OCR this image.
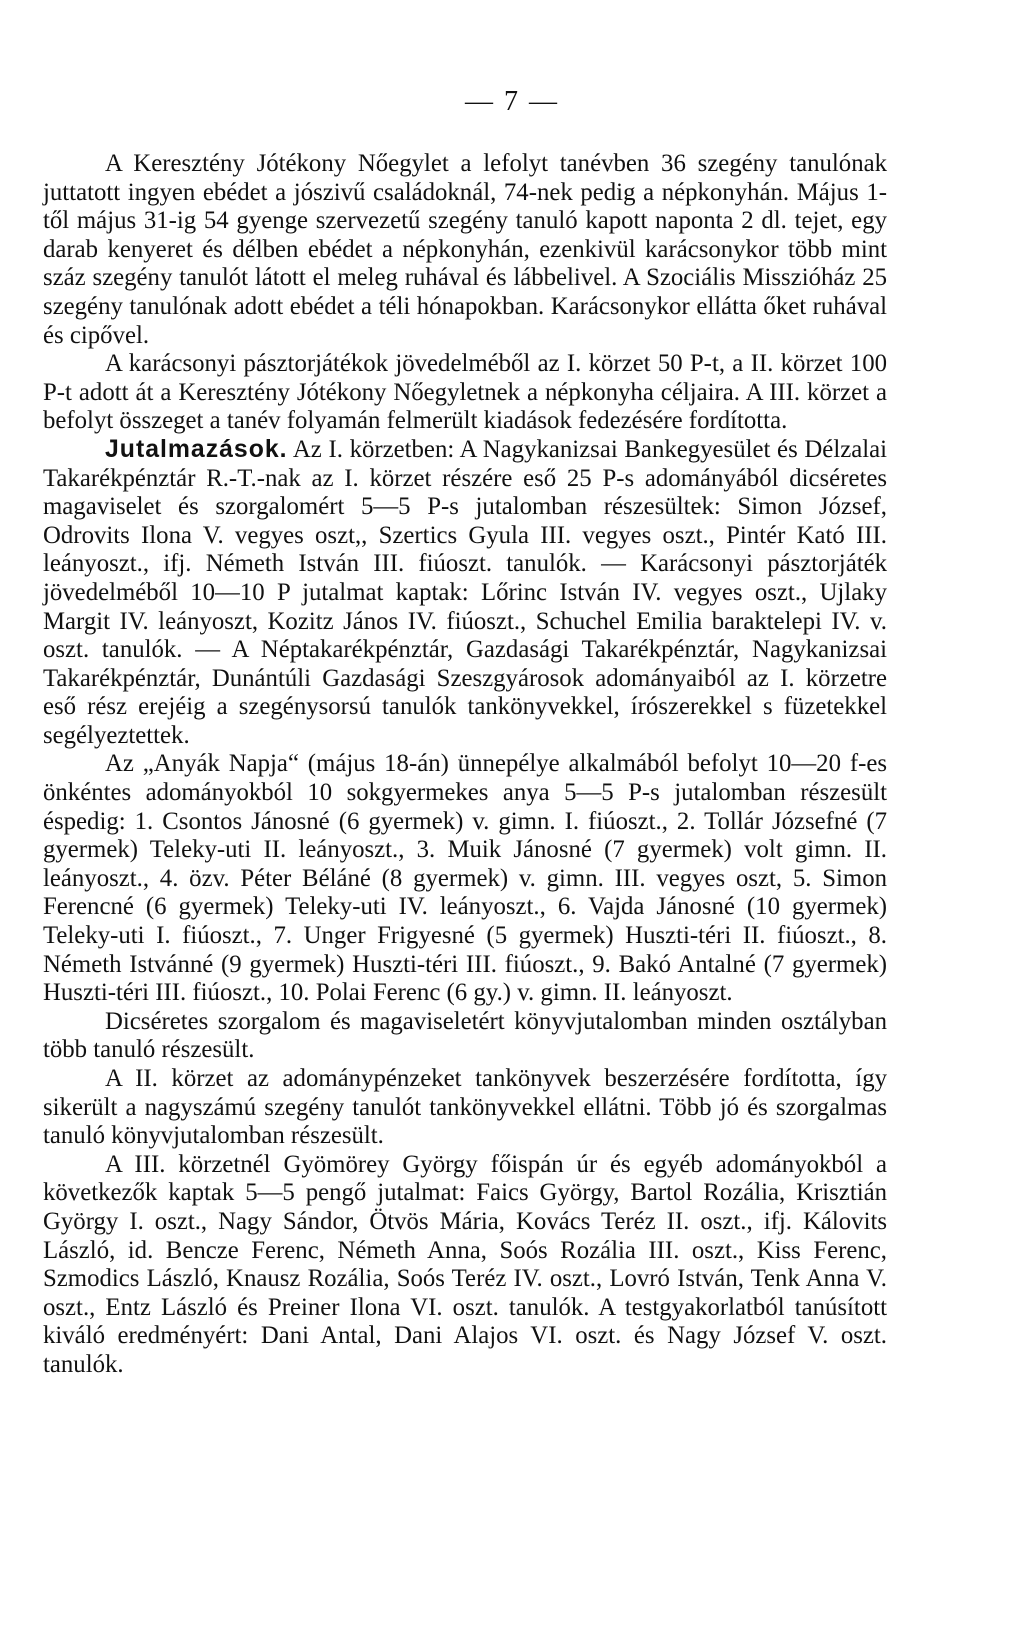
— 7 —

A Keresztény Jótékony Nőegylet a lefolyt tanévben 36 szegény tanulónak juttatott ingyen ebédet a jószivű családoknál, 74-nek pedig a népkonyhán. Május 1-től május 31-ig 54 gyenge szervezetű szegény tanuló kapott naponta 2 dl. tejet, egy darab kenyeret és délben ebédet a népkonyhán, ezenkivül karácsonykor több mint száz szegény tanulót látott el meleg ruhával és lábbelivel. A Szociális Misszióház 25 szegény tanulónak adott ebédet a téli hónapokban. Karácsonykor ellátta őket ruhával és cipővel.

A karácsonyi pásztorjátékok jövedelméből az I. körzet 50 P-t, a II. körzet 100 P-t adott át a Keresztény Jótékony Nőegyletnek a népkonyha céljaira. A III. körzet a befolyt összeget a tanév folyamán felmerült kiadások fedezésére fordította.

Jutalmazások. Az I. körzetben: A Nagykanizsai Bankegyesület és Délzalai Takarékpénztár R.-T.-nak az I. körzet részére eső 25 P-s adományából dicséretes magaviselet és szorgalomért 5—5 P-s jutalomban részesültek: Simon József, Odrovits Ilona V. vegyes oszt,, Szertics Gyula III. vegyes oszt., Pintér Kató III. leányoszt., ifj. Németh István III. fiúoszt. tanulók. — Karácsonyi pásztorjáték jövedelméből 10—10 P jutalmat kaptak: Lőrinc István IV. vegyes oszt., Ujlaky Margit IV. leányoszt, Kozitz János IV. fiúoszt., Schuchel Emilia baraktelepi IV. v. oszt. tanulók. — A Néptakarékpénztár, Gazdasági Takarékpénztár, Nagykanizsai Takarékpénztár, Dunántúli Gazdasági Szeszgyárosok adományaiból az I. körzetre eső rész erejéig a szegénysorsú tanulók tankönyvekkel, írószerekkel s füzetekkel segélyeztettek.

Az „Anyák Napja“ (május 18-án) ünnepélye alkalmából befolyt 10—20 f-es önkéntes adományokból 10 sokgyermekes anya 5—5 P-s jutalomban részesült éspedig: 1. Csontos Jánosné (6 gyermek) v. gimn. I. fiúoszt., 2. Tollár Józsefné (7 gyermek) Teleky-uti II. leányoszt., 3. Muik Jánosné (7 gyermek) volt gimn. II. leányoszt., 4. özv. Péter Béláné (8 gyermek) v. gimn. III. vegyes oszt, 5. Simon Ferencné (6 gyermek) Teleky-uti IV. leányoszt., 6. Vajda Jánosné (10 gyermek) Teleky-uti I. fiúoszt., 7. Unger Frigyesné (5 gyermek) Huszti-téri II. fiúoszt., 8. Németh Istvánné (9 gyermek) Huszti-téri III. fiúoszt., 9. Bakó Antalné (7 gyermek) Huszti-téri III. fiúoszt., 10. Polai Ferenc (6 gy.) v. gimn. II. leányoszt.

Dicséretes szorgalom és magaviseletért könyvjutalomban minden osztályban több tanuló részesült.

A II. körzet az adománypénzeket tankönyvek beszerzésére fordította, így sikerült a nagyszámú szegény tanulót tankönyvekkel ellátni. Több jó és szorgalmas tanuló könyvjutalomban részesült.

A III. körzetnél Gyömörey György főispán úr és egyéb adományokból a következők kaptak 5—5 pengő jutalmat: Faics György, Bartol Rozália, Krisztián György I. oszt., Nagy Sándor, Ötvös Mária, Kovács Teréz II. oszt., ifj. Kálovits László, id. Bencze Ferenc, Németh Anna, Soós Rozália III. oszt., Kiss Ferenc, Szmodics László, Knausz Rozália, Soós Teréz IV. oszt., Lovró István, Tenk Anna V. oszt., Entz László és Preiner Ilona VI. oszt. tanulók. A testgyakorlatból tanúsított kiváló eredményért: Dani Antal, Dani Alajos VI. oszt. és Nagy József V. oszt. tanulók.
